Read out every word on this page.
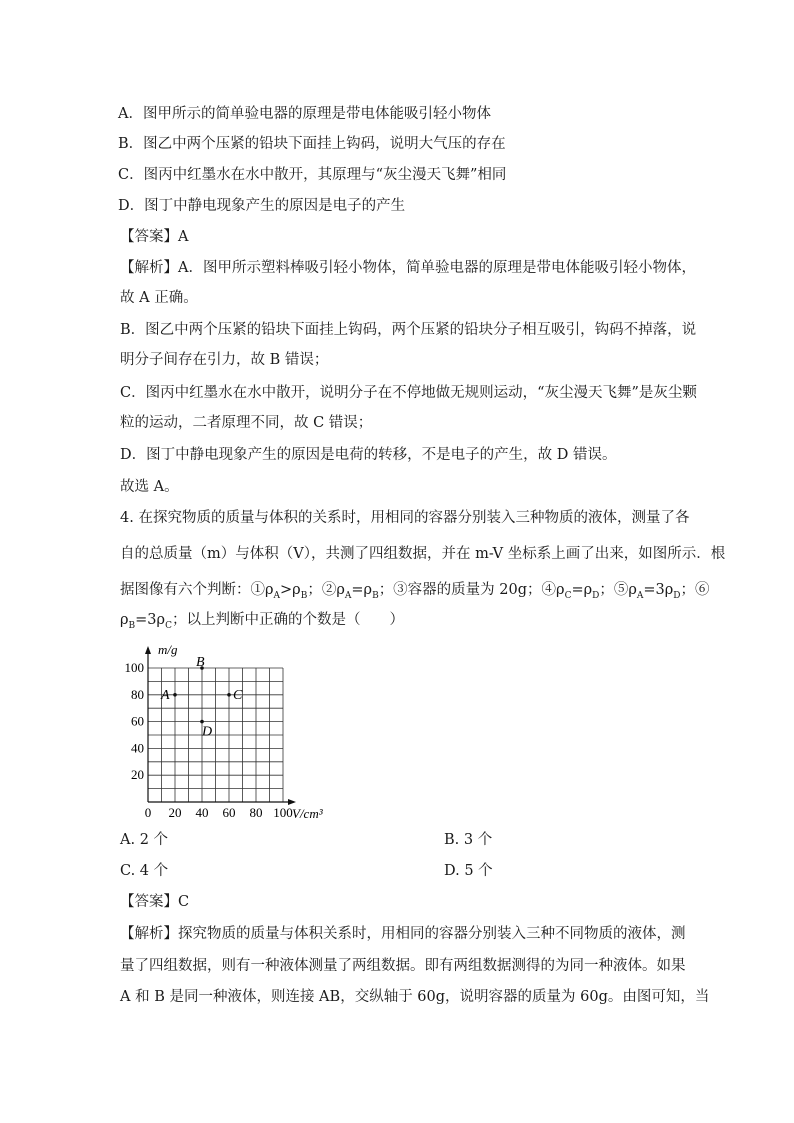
A．图甲所示的简单验电器的原理是带电体能吸引轻小物体
B．图乙中两个压紧的铅块下面挂上钩码，说明大气压的存在
C．图丙中红墨水在水中散开，其原理与“灰尘漫天飞舞”相同
D．图丁中静电现象产生的原因是电子的产生
【答案】A
【解析】A．图甲所示塑料棒吸引轻小物体，简单验电器的原理是带电体能吸引轻小物体，
故 A 正确。
B．图乙中两个压紧的铅块下面挂上钩码，两个压紧的铅块分子相互吸引，钩码不掉落，说
明分子间存在引力，故 B 错误；
C．图丙中红墨水在水中散开，说明分子在不停地做无规则运动，“灰尘漫天飞舞”是灰尘颗
粒的运动，二者原理不同，故 C 错误；
D．图丁中静电现象产生的原因是电荷的转移，不是电子的产生，故 D 错误。
故选 A。
4. 在探究物质的质量与体积的关系时，用相同的容器分别装入三种物质的液体，测量了各
自的总质量（m）与体积（V），共测了四组数据，并在 m-V 坐标系上画了出来，如图所示．根
据图像有六个判断：$①\rho_A>\rho_B$；$②\rho_A=\rho_B$；③容器的质量为 20g；$④\rho_C=\rho_D$；$⑤\rho_A=3\rho_D$；⑥
$\rho_B=3\rho_C$；以上判断中正确的个数是（　　）
0 20 40 60 80 100
20
40
60
80
100
A
B
C
D
m/g
V/cm³
A. 2 个	B. 3 个
C. 4 个	D. 5 个
【答案】C
【解析】探究物质的质量与体积关系时，用相同的容器分别装入三种不同物质的液体，测
量了四组数据，则有一种液体测量了两组数据。即有两组数据测得的为同一种液体。如果
A 和 B 是同一种液体，则连接 AB，交纵轴于 60g，说明容器的质量为 60g。由图可知，当
